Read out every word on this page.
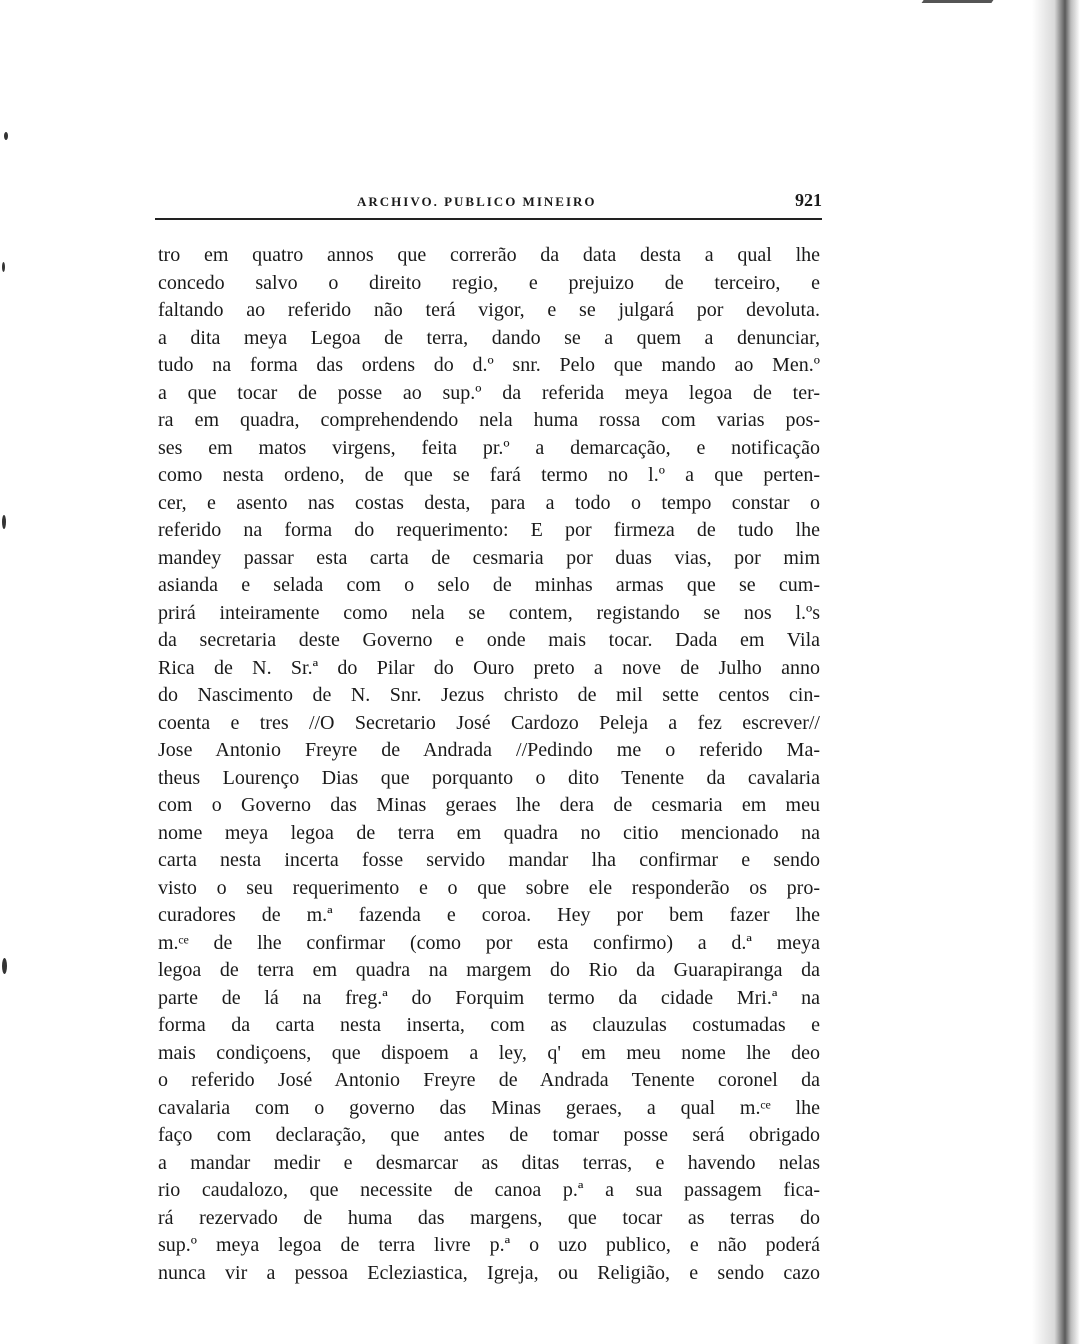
ARCHIVO. PUBLICO MINEIRO	921
tro em quatro annos que correrão da data desta a qual lhe
concedo salvo o direito regio, e prejuizo de terceiro, e
faltando ao referido não terá vigor, e se julgará por devoluta.
a dita meya Legoa de terra, dando se a quem a denunciar,
tudo na forma das ordens do d.º snr. Pelo que mando ao Men.º
a que tocar de posse ao sup.º da referida meya legoa de ter-
ra em quadra, comprehendendo nela huma rossa com varias pos-
ses em matos virgens, feita pr.º a demarcação, e notificação
como nesta ordeno, de que se fará termo no l.º a que perten-
cer, e asento nas costas desta, para a todo o tempo constar o
referido na forma do requerimento: E por firmeza de tudo lhe
mandey passar esta carta de cesmaria por duas vias, por mim
asianda e selada com o selo de minhas armas que se cum-
prirá inteiramente como nela se contem, registando se nos l.ºs
da secretaria deste Governo e onde mais tocar. Dada em Vila
Rica de N. Sr.ª do Pilar do Ouro preto a nove de Julho anno
do Nascimento de N. Snr. Jezus christo de mil sette centos cin-
coenta e tres //O Secretario José Cardozo Peleja a fez escrever//
Jose Antonio Freyre de Andrada //Pedindo me o referido Ma-
theus Lourenço Dias que porquanto o dito Tenente da cavalaria
com o Governo das Minas geraes lhe dera de cesmaria em meu
nome meya legoa de terra em quadra no citio mencionado na
carta nesta incerta fosse servido mandar lha confirmar e sendo
visto o seu requerimento e o que sobre ele responderão os pro-
curadores de m.ª fazenda e coroa. Hey por bem fazer lhe
m.ᶜᵉ de lhe confirmar (como por esta confirmo) a d.ª meya
legoa de terra em quadra na margem do Rio da Guarapiranga da
parte de lá na freg.ª do Forquim termo da cidade Mri.ª na
forma da carta nesta inserta, com as clauzulas costumadas e
mais condiçoens, que dispoem a ley, q' em meu nome lhe deo
o referido José Antonio Freyre de Andrada Tenente coronel da
cavalaria com o governo das Minas geraes, a qual m.ᶜᵉ lhe
faço com declaração, que antes de tomar posse será obrigado
a mandar medir e desmarcar as ditas terras, e havendo nelas
rio caudalozo, que necessite de canoa p.ª a sua passagem fica-
rá rezervado de huma das margens, que tocar as terras do
sup.º meya legoa de terra livre p.ª o uzo publico, e não poderá
nunca vir a pessoa Ecleziastica, Igreja, ou Religião, e sendo cazo
